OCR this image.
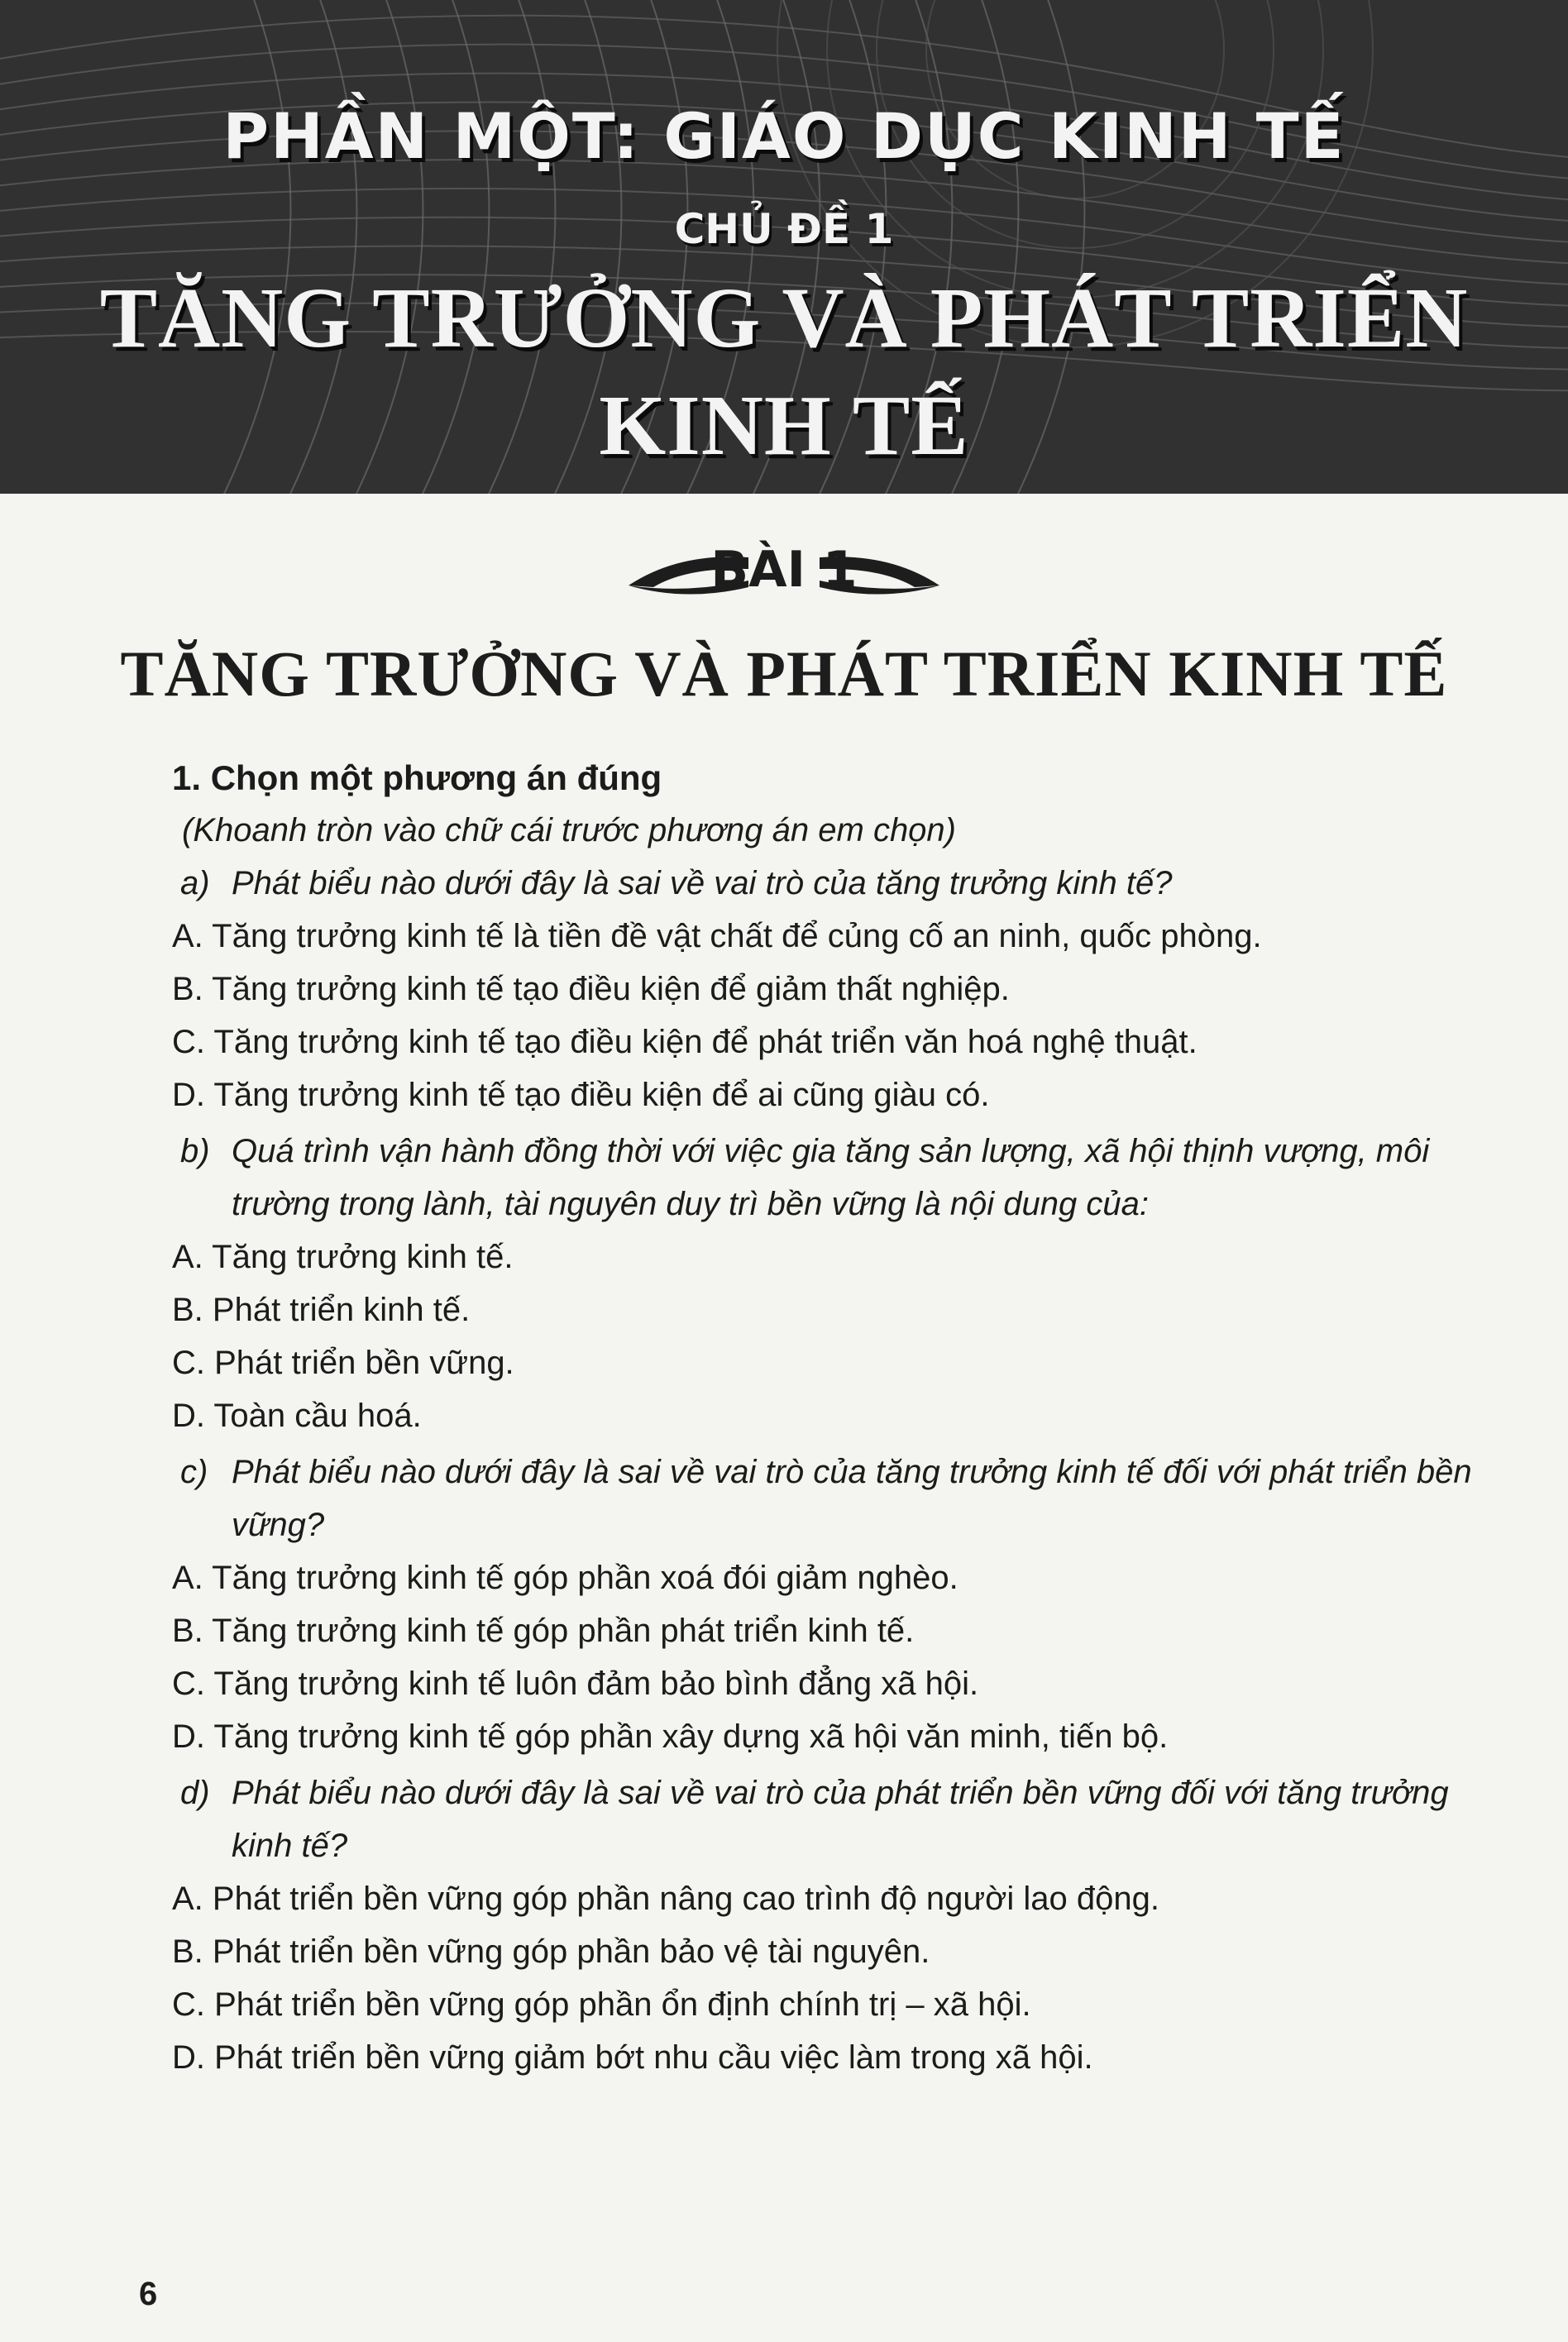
PHẦN MỘT: GIÁO DỤC KINH TẾ
CHỦ ĐỀ 1
TĂNG TRƯỞNG VÀ PHÁT TRIỂN
KINH TẾ
BÀI 1
TĂNG TRƯỞNG VÀ PHÁT TRIỂN KINH TẾ
1. Chọn một phương án đúng
(Khoanh tròn vào chữ cái trước phương án em chọn)
a) Phát biểu nào dưới đây là sai về vai trò của tăng trưởng kinh tế?
A. Tăng trưởng kinh tế là tiền đề vật chất để củng cố an ninh, quốc phòng.
B. Tăng trưởng kinh tế tạo điều kiện để giảm thất nghiệp.
C. Tăng trưởng kinh tế tạo điều kiện để phát triển văn hoá nghệ thuật.
D. Tăng trưởng kinh tế tạo điều kiện để ai cũng giàu có.
b) Quá trình vận hành đồng thời với việc gia tăng sản lượng, xã hội thịnh vượng, môi trường trong lành, tài nguyên duy trì bền vững là nội dung của:
A. Tăng trưởng kinh tế.
B. Phát triển kinh tế.
C. Phát triển bền vững.
D. Toàn cầu hoá.
c) Phát biểu nào dưới đây là sai về vai trò của tăng trưởng kinh tế đối với phát triển bền vững?
A. Tăng trưởng kinh tế góp phần xoá đói giảm nghèo.
B. Tăng trưởng kinh tế góp phần phát triển kinh tế.
C. Tăng trưởng kinh tế luôn đảm bảo bình đẳng xã hội.
D. Tăng trưởng kinh tế góp phần xây dựng xã hội văn minh, tiến bộ.
d) Phát biểu nào dưới đây là sai về vai trò của phát triển bền vững đối với tăng trưởng kinh tế?
A. Phát triển bền vững góp phần nâng cao trình độ người lao động.
B. Phát triển bền vững góp phần bảo vệ tài nguyên.
C. Phát triển bền vững góp phần ổn định chính trị – xã hội.
D. Phát triển bền vững giảm bớt nhu cầu việc làm trong xã hội.
6
